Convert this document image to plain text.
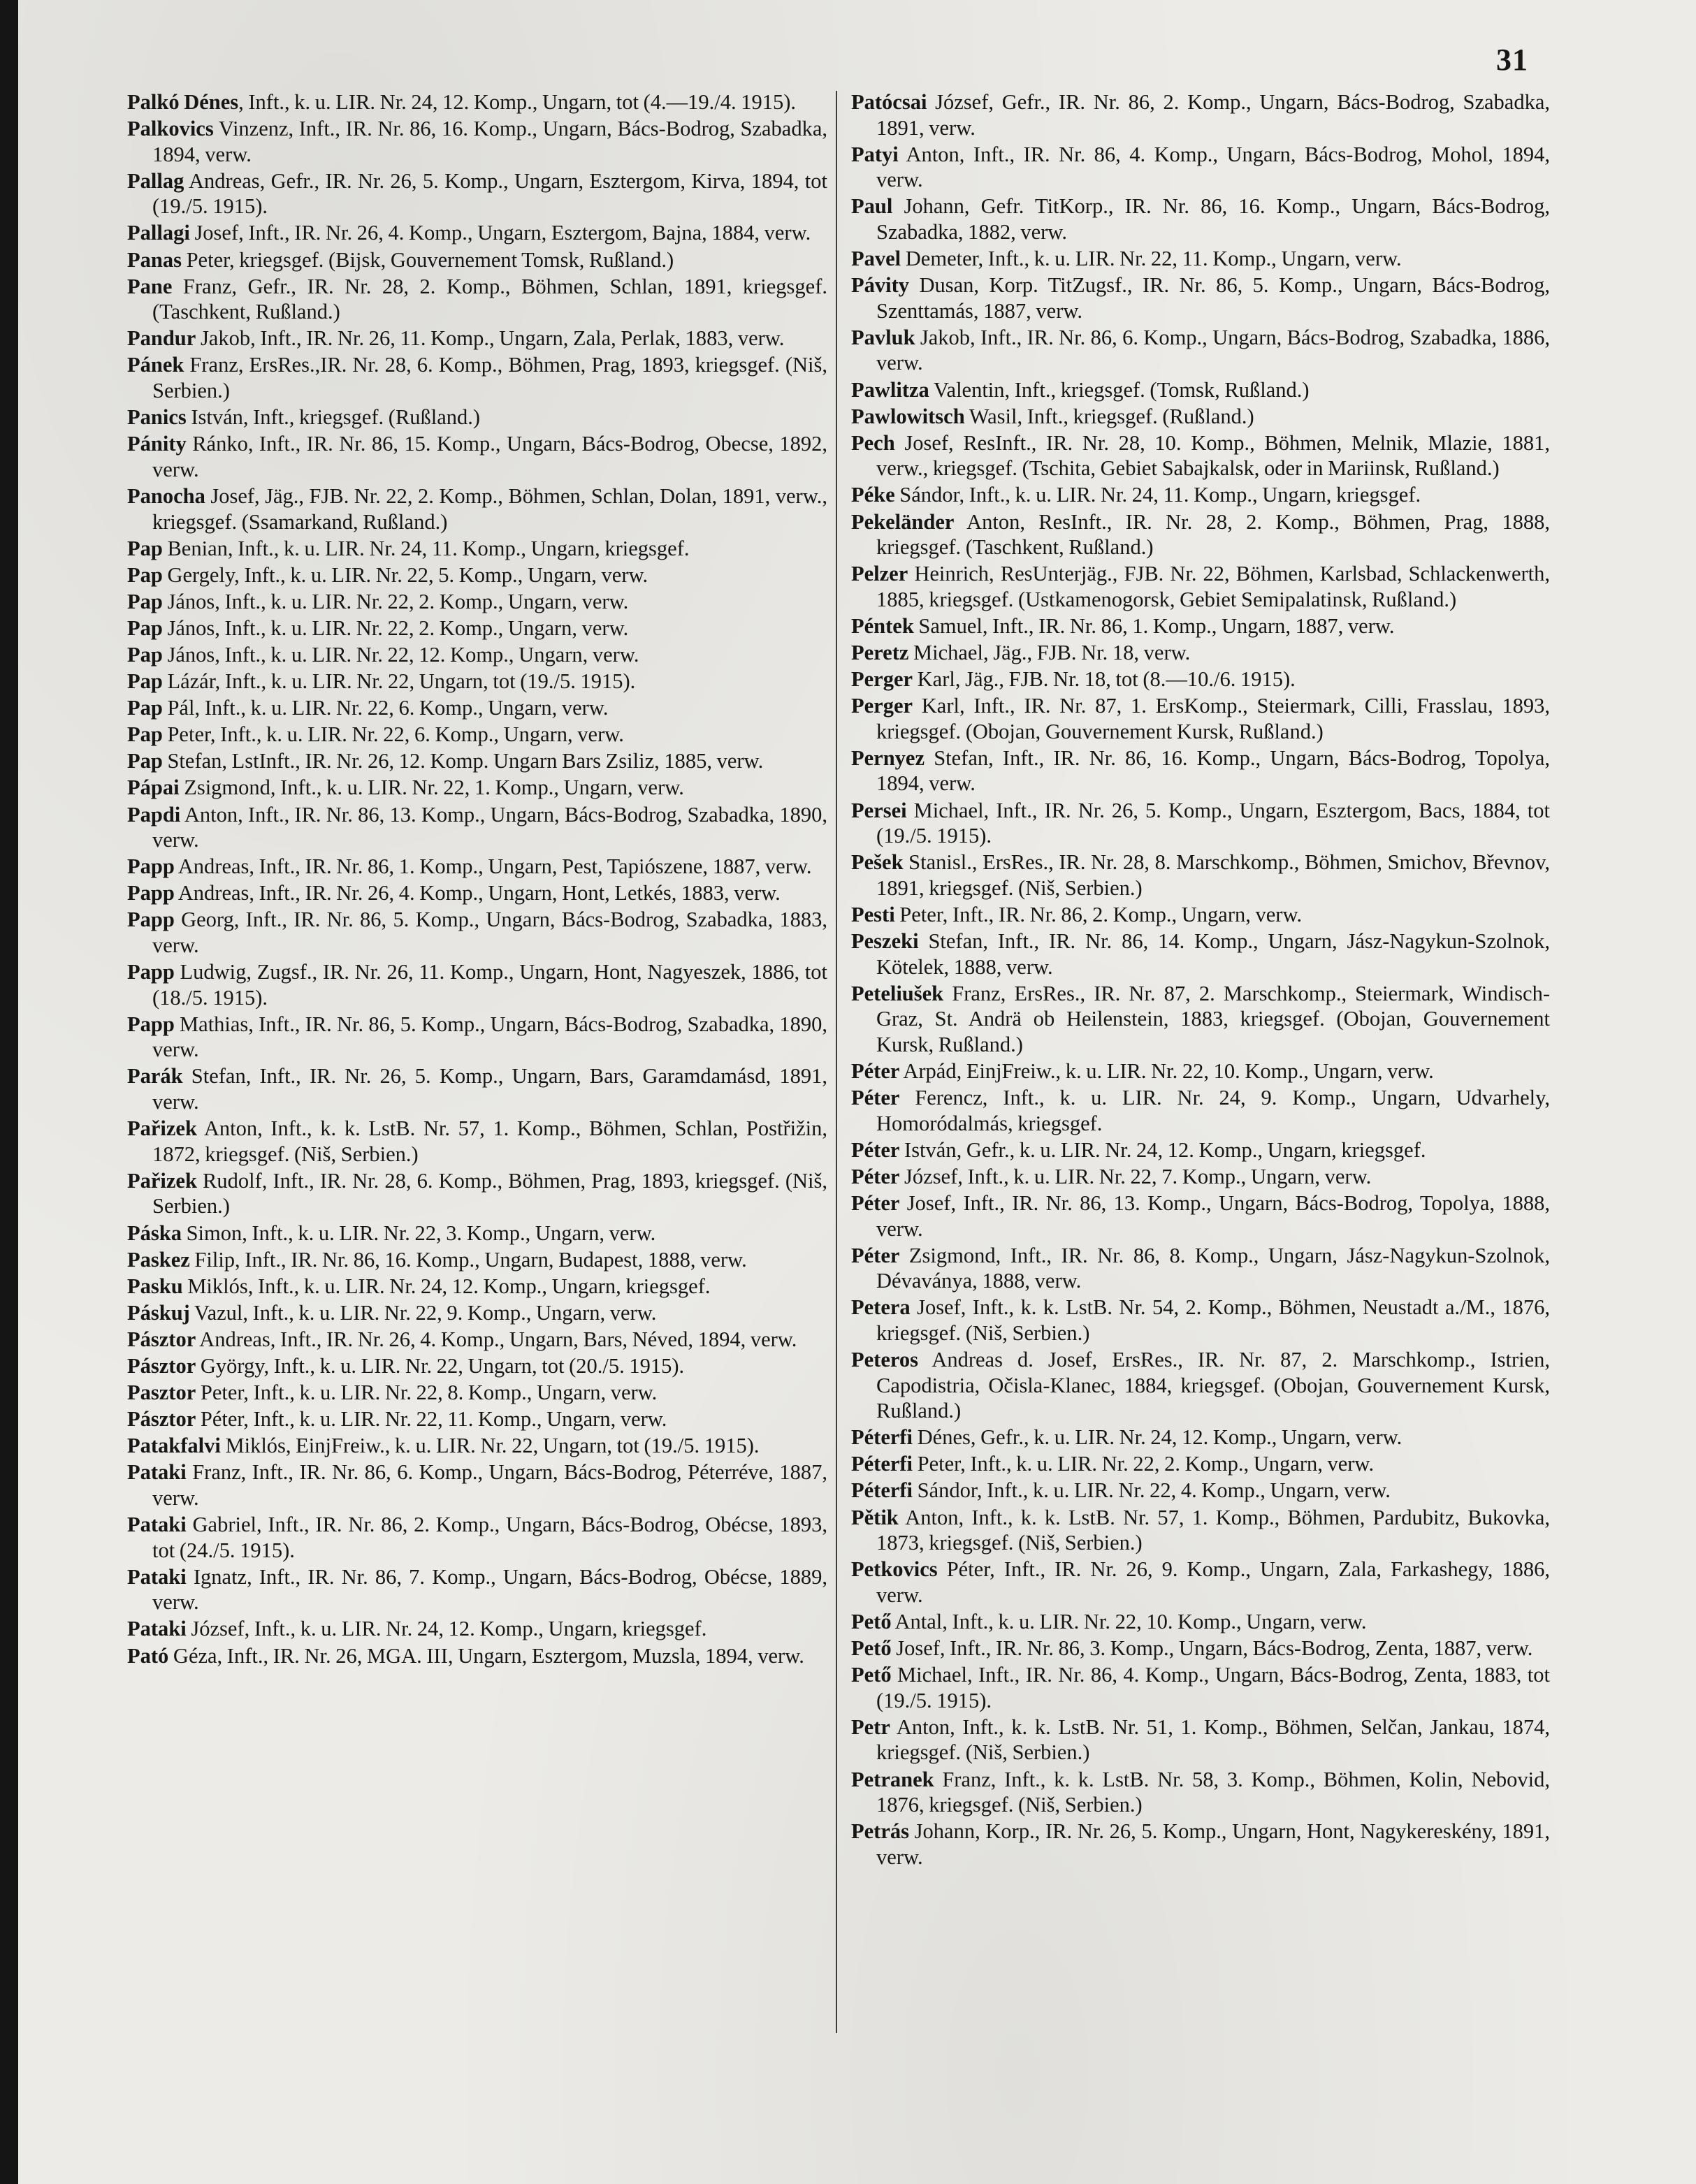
31

Palkó Dénes, Inft., k. u. LIR. Nr. 24, 12. Komp., Ungarn, tot (4.—19./4. 1915).

Palkovics Vinzenz, Inft., IR. Nr. 86, 16. Komp., Ungarn, Bács-Bodrog, Szabadka, 1894, verw.

Pallag Andreas, Gefr., IR. Nr. 26, 5. Komp., Ungarn, Esztergom, Kirva, 1894, tot (19./5. 1915).

Pallagi Josef, Inft., IR. Nr. 26, 4. Komp., Ungarn, Esztergom, Bajna, 1884, verw.

Panas Peter, kriegsgef. (Bijsk, Gouvernement Tomsk, Rußland.)

Pane Franz, Gefr., IR. Nr. 28, 2. Komp., Böhmen, Schlan, 1891, kriegsgef. (Taschkent, Rußland.)

Pandur Jakob, Inft., IR. Nr. 26, 11. Komp., Ungarn, Zala, Perlak, 1883, verw.

Pánek Franz, ErsRes.,IR. Nr. 28, 6. Komp., Böhmen, Prag, 1893, kriegsgef. (Niš, Serbien.)

Panics István, Inft., kriegsgef. (Rußland.)

Pánity Ránko, Inft., IR. Nr. 86, 15. Komp., Ungarn, Bács-Bodrog, Obecse, 1892, verw.

Panocha Josef, Jäg., FJB. Nr. 22, 2. Komp., Böhmen, Schlan, Dolan, 1891, verw., kriegsgef. (Ssamarkand, Rußland.)

Pap Benian, Inft., k. u. LIR. Nr. 24, 11. Komp., Ungarn, kriegsgef.

Pap Gergely, Inft., k. u. LIR. Nr. 22, 5. Komp., Ungarn, verw.

Pap János, Inft., k. u. LIR. Nr. 22, 2. Komp., Ungarn, verw.

Pap János, Inft., k. u. LIR. Nr. 22, 2. Komp., Ungarn, verw.

Pap János, Inft., k. u. LIR. Nr. 22, 12. Komp., Ungarn, verw.

Pap Lázár, Inft., k. u. LIR. Nr. 22, Ungarn, tot (19./5. 1915).

Pap Pál, Inft., k. u. LIR. Nr. 22, 6. Komp., Ungarn, verw.

Pap Peter, Inft., k. u. LIR. Nr. 22, 6. Komp., Ungarn, verw.

Pap Stefan, LstInft., IR. Nr. 26, 12. Komp. Ungarn Bars Zsiliz, 1885, verw.

Pápai Zsigmond, Inft., k. u. LIR. Nr. 22, 1. Komp., Ungarn, verw.

Papdi Anton, Inft., IR. Nr. 86, 13. Komp., Ungarn, Bács-Bodrog, Szabadka, 1890, verw.

Papp Andreas, Inft., IR. Nr. 86, 1. Komp., Ungarn, Pest, Tapiószene, 1887, verw.

Papp Andreas, Inft., IR. Nr. 26, 4. Komp., Ungarn, Hont, Letkés, 1883, verw.

Papp Georg, Inft., IR. Nr. 86, 5. Komp., Ungarn, Bács-Bodrog, Szabadka, 1883, verw.

Papp Ludwig, Zugsf., IR. Nr. 26, 11. Komp., Ungarn, Hont, Nagyeszek, 1886, tot (18./5. 1915).

Papp Mathias, Inft., IR. Nr. 86, 5. Komp., Ungarn, Bács-Bodrog, Szabadka, 1890, verw.

Parák Stefan, Inft., IR. Nr. 26, 5. Komp., Ungarn, Bars, Garamdamásd, 1891, verw.

Pařizek Anton, Inft., k. k. LstB. Nr. 57, 1. Komp., Böhmen, Schlan, Postřižin, 1872, kriegsgef. (Niš, Serbien.)

Pařizek Rudolf, Inft., IR. Nr. 28, 6. Komp., Böhmen, Prag, 1893, kriegsgef. (Niš, Serbien.)

Páska Simon, Inft., k. u. LIR. Nr. 22, 3. Komp., Ungarn, verw.

Paskez Filip, Inft., IR. Nr. 86, 16. Komp., Ungarn, Budapest, 1888, verw.

Pasku Miklós, Inft., k. u. LIR. Nr. 24, 12. Komp., Ungarn, kriegsgef.

Páskuj Vazul, Inft., k. u. LIR. Nr. 22, 9. Komp., Ungarn, verw.

Pásztor Andreas, Inft., IR. Nr. 26, 4. Komp., Ungarn, Bars, Néved, 1894, verw.

Pásztor György, Inft., k. u. LIR. Nr. 22, Ungarn, tot (20./5. 1915).

Pasztor Peter, Inft., k. u. LIR. Nr. 22, 8. Komp., Ungarn, verw.

Pásztor Péter, Inft., k. u. LIR. Nr. 22, 11. Komp., Ungarn, verw.

Patakfalvi Miklós, EinjFreiw., k. u. LIR. Nr. 22, Ungarn, tot (19./5. 1915).

Pataki Franz, Inft., IR. Nr. 86, 6. Komp., Ungarn, Bács-Bodrog, Péterréve, 1887, verw.

Pataki Gabriel, Inft., IR. Nr. 86, 2. Komp., Ungarn, Bács-Bodrog, Obécse, 1893, tot (24./5. 1915).

Pataki Ignatz, Inft., IR. Nr. 86, 7. Komp., Ungarn, Bács-Bodrog, Obécse, 1889, verw.

Pataki József, Inft., k. u. LIR. Nr. 24, 12. Komp., Ungarn, kriegsgef.

Pató Géza, Inft., IR. Nr. 26, MGA. III, Ungarn, Esztergom, Muzsla, 1894, verw.

Patócsai József, Gefr., IR. Nr. 86, 2. Komp., Ungarn, Bács-Bodrog, Szabadka, 1891, verw.

Patyi Anton, Inft., IR. Nr. 86, 4. Komp., Ungarn, Bács-Bodrog, Mohol, 1894, verw.

Paul Johann, Gefr. TitKorp., IR. Nr. 86, 16. Komp., Ungarn, Bács-Bodrog, Szabadka, 1882, verw.

Pavel Demeter, Inft., k. u. LIR. Nr. 22, 11. Komp., Ungarn, verw.

Pávity Dusan, Korp. TitZugsf., IR. Nr. 86, 5. Komp., Ungarn, Bács-Bodrog, Szenttamás, 1887, verw.

Pavluk Jakob, Inft., IR. Nr. 86, 6. Komp., Ungarn, Bács-Bodrog, Szabadka, 1886, verw.

Pawlitza Valentin, Inft., kriegsgef. (Tomsk, Rußland.)

Pawlowitsch Wasil, Inft., kriegsgef. (Rußland.)

Pech Josef, ResInft., IR. Nr. 28, 10. Komp., Böhmen, Melnik, Mlazie, 1881, verw., kriegsgef. (Tschita, Gebiet Sabajkalsk, oder in Mariinsk, Rußland.)

Péke Sándor, Inft., k. u. LIR. Nr. 24, 11. Komp., Ungarn, kriegsgef.

Pekeländer Anton, ResInft., IR. Nr. 28, 2. Komp., Böhmen, Prag, 1888, kriegsgef. (Taschkent, Rußland.)

Pelzer Heinrich, ResUnterjäg., FJB. Nr. 22, Böhmen, Karlsbad, Schlackenwerth, 1885, kriegsgef. (Ustkamenogorsk, Gebiet Semipalatinsk, Rußland.)

Péntek Samuel, Inft., IR. Nr. 86, 1. Komp., Ungarn, 1887, verw.

Peretz Michael, Jäg., FJB. Nr. 18, verw.

Perger Karl, Jäg., FJB. Nr. 18, tot (8.—10./6. 1915).

Perger Karl, Inft., IR. Nr. 87, 1. ErsKomp., Steiermark, Cilli, Frasslau, 1893, kriegsgef. (Obojan, Gouvernement Kursk, Rußland.)

Pernyez Stefan, Inft., IR. Nr. 86, 16. Komp., Ungarn, Bács-Bodrog, Topolya, 1894, verw.

Persei Michael, Inft., IR. Nr. 26, 5. Komp., Ungarn, Esztergom, Bacs, 1884, tot (19./5. 1915).

Pešek Stanisl., ErsRes., IR. Nr. 28, 8. Marschkomp., Böhmen, Smichov, Břevnov, 1891, kriegsgef. (Niš, Serbien.)

Pesti Peter, Inft., IR. Nr. 86, 2. Komp., Ungarn, verw.

Peszeki Stefan, Inft., IR. Nr. 86, 14. Komp., Ungarn, Jász-Nagykun-Szolnok, Kötelek, 1888, verw.

Peteliušek Franz, ErsRes., IR. Nr. 87, 2. Marschkomp., Steiermark, Windisch-Graz, St. Andrä ob Heilenstein, 1883, kriegsgef. (Obojan, Gouvernement Kursk, Rußland.)

Péter Arpád, EinjFreiw., k. u. LIR. Nr. 22, 10. Komp., Ungarn, verw.

Péter Ferencz, Inft., k. u. LIR. Nr. 24, 9. Komp., Ungarn, Udvarhely, Homoródalmás, kriegsgef.

Péter István, Gefr., k. u. LIR. Nr. 24, 12. Komp., Ungarn, kriegsgef.

Péter József, Inft., k. u. LIR. Nr. 22, 7. Komp., Ungarn, verw.

Péter Josef, Inft., IR. Nr. 86, 13. Komp., Ungarn, Bács-Bodrog, Topolya, 1888, verw.

Péter Zsigmond, Inft., IR. Nr. 86, 8. Komp., Ungarn, Jász-Nagykun-Szolnok, Dévaványa, 1888, verw.

Petera Josef, Inft., k. k. LstB. Nr. 54, 2. Komp., Böhmen, Neustadt a./M., 1876, kriegsgef. (Niš, Serbien.)

Peteros Andreas d. Josef, ErsRes., IR. Nr. 87, 2. Marschkomp., Istrien, Capodistria, Očisla-Klanec, 1884, kriegsgef. (Obojan, Gouvernement Kursk, Rußland.)

Péterfi Dénes, Gefr., k. u. LIR. Nr. 24, 12. Komp., Ungarn, verw.

Péterfi Peter, Inft., k. u. LIR. Nr. 22, 2. Komp., Ungarn, verw.

Péterfi Sándor, Inft., k. u. LIR. Nr. 22, 4. Komp., Ungarn, verw.

Pětik Anton, Inft., k. k. LstB. Nr. 57, 1. Komp., Böhmen, Pardubitz, Bukovka, 1873, kriegsgef. (Niš, Serbien.)

Petkovics Péter, Inft., IR. Nr. 26, 9. Komp., Ungarn, Zala, Farkashegy, 1886, verw.

Pető Antal, Inft., k. u. LIR. Nr. 22, 10. Komp., Ungarn, verw.

Pető Josef, Inft., IR. Nr. 86, 3. Komp., Ungarn, Bács-Bodrog, Zenta, 1887, verw.

Pető Michael, Inft., IR. Nr. 86, 4. Komp., Ungarn, Bács-Bodrog, Zenta, 1883, tot (19./5. 1915).

Petr Anton, Inft., k. k. LstB. Nr. 51, 1. Komp., Böhmen, Selčan, Jankau, 1874, kriegsgef. (Niš, Serbien.)

Petranek Franz, Inft., k. k. LstB. Nr. 58, 3. Komp., Böhmen, Kolin, Nebovid, 1876, kriegsgef. (Niš, Serbien.)

Petrás Johann, Korp., IR. Nr. 26, 5. Komp., Ungarn, Hont, Nagykereskény, 1891, verw.
